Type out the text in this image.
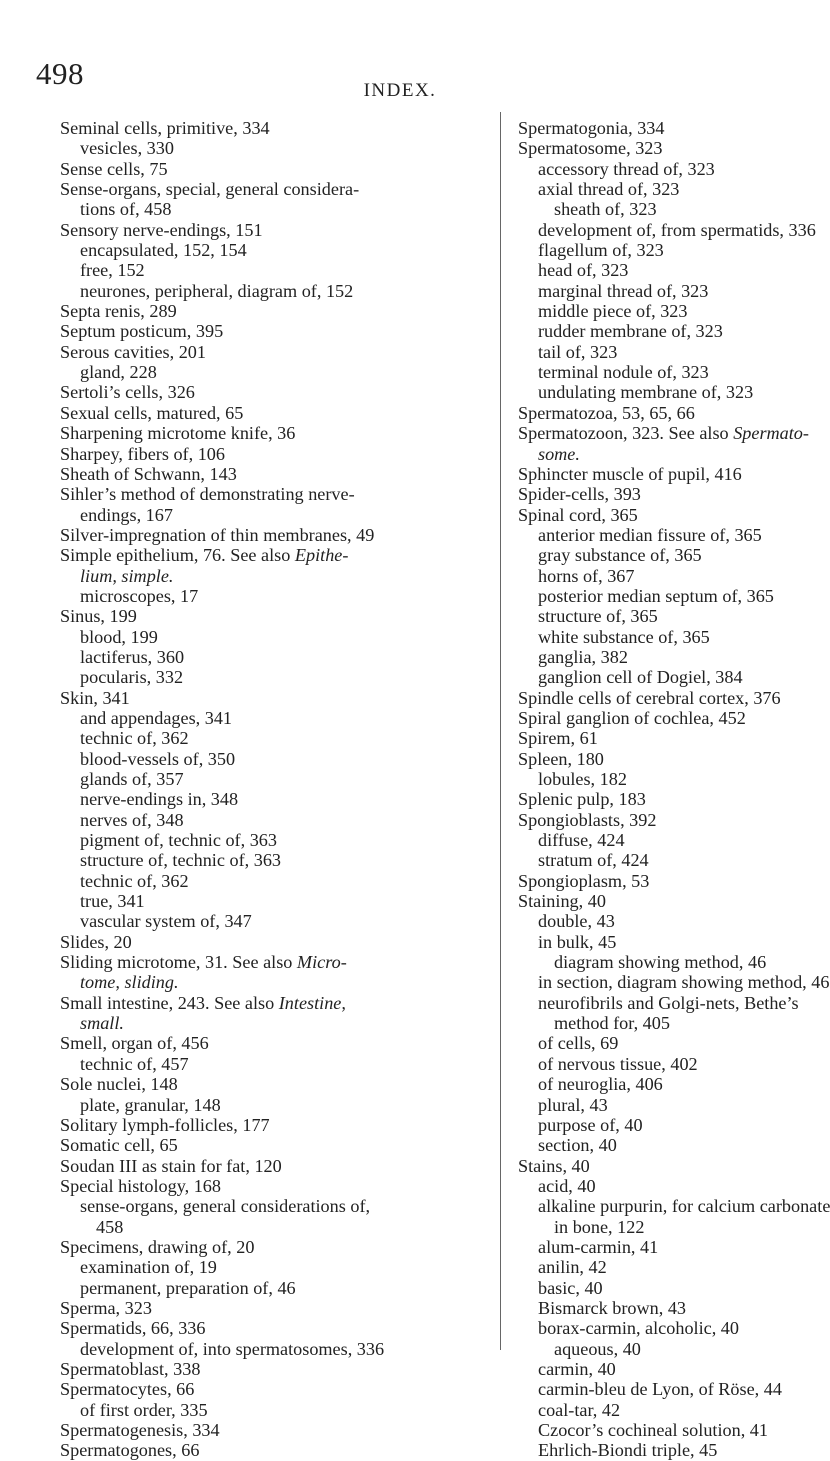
498	INDEX.
Seminal cells, primitive, 334
vesicles, 330
Sense cells, 75
Sense-organs, special, general considera-
tions of, 458
Sensory nerve-endings, 151
encapsulated, 152, 154
free, 152
neurones, peripheral, diagram of, 152
Septa renis, 289
Septum posticum, 395
Serous cavities, 201
gland, 228
Sertoli’s cells, 326
Sexual cells, matured, 65
Sharpening microtome knife, 36
Sharpey, fibers of, 106
Sheath of Schwann, 143
Sihler’s method of demonstrating nerve-
endings, 167
Silver-impregnation of thin membranes, 49
Simple epithelium, 76. See also Epithe-
lium, simple.
microscopes, 17
Sinus, 199
blood, 199
lactiferus, 360
pocularis, 332
Skin, 341
and appendages, 341
technic of, 362
blood-vessels of, 350
glands of, 357
nerve-endings in, 348
nerves of, 348
pigment of, technic of, 363
structure of, technic of, 363
technic of, 362
true, 341
vascular system of, 347
Slides, 20
Sliding microtome, 31. See also Micro-
tome, sliding.
Small intestine, 243. See also Intestine,
small.
Smell, organ of, 456
technic of, 457
Sole nuclei, 148
plate, granular, 148
Solitary lymph-follicles, 177
Somatic cell, 65
Soudan III as stain for fat, 120
Special histology, 168
sense-organs, general considerations of,
458
Specimens, drawing of, 20
examination of, 19
permanent, preparation of, 46
Sperma, 323
Spermatids, 66, 336
development of, into spermatosomes, 336
Spermatoblast, 338
Spermatocytes, 66
of first order, 335
Spermatogenesis, 334
Spermatogones, 66
Spermatogonia, 334
Spermatosome, 323
accessory thread of, 323
axial thread of, 323
sheath of, 323
development of, from spermatids, 336
flagellum of, 323
head of, 323
marginal thread of, 323
middle piece of, 323
rudder membrane of, 323
tail of, 323
terminal nodule of, 323
undulating membrane of, 323
Spermatozoa, 53, 65, 66
Spermatozoon, 323. See also Spermato-
some.
Sphincter muscle of pupil, 416
Spider-cells, 393
Spinal cord, 365
anterior median fissure of, 365
gray substance of, 365
horns of, 367
posterior median septum of, 365
structure of, 365
white substance of, 365
ganglia, 382
ganglion cell of Dogiel, 384
Spindle cells of cerebral cortex, 376
Spiral ganglion of cochlea, 452
Spirem, 61
Spleen, 180
lobules, 182
Splenic pulp, 183
Spongioblasts, 392
diffuse, 424
stratum of, 424
Spongioplasm, 53
Staining, 40
double, 43
in bulk, 45
diagram showing method, 46
in section, diagram showing method, 46
neurofibrils and Golgi-nets, Bethe’s
method for, 405
of cells, 69
of nervous tissue, 402
of neuroglia, 406
plural, 43
purpose of, 40
section, 40
Stains, 40
acid, 40
alkaline purpurin, for calcium carbonate
in bone, 122
alum-carmin, 41
anilin, 42
basic, 40
Bismarck brown, 43
borax-carmin, alcoholic, 40
aqueous, 40
carmin, 40
carmin-bleu de Lyon, of Röse, 44
coal-tar, 42
Czocor’s cochineal solution, 41
Ehrlich-Biondi triple, 45
